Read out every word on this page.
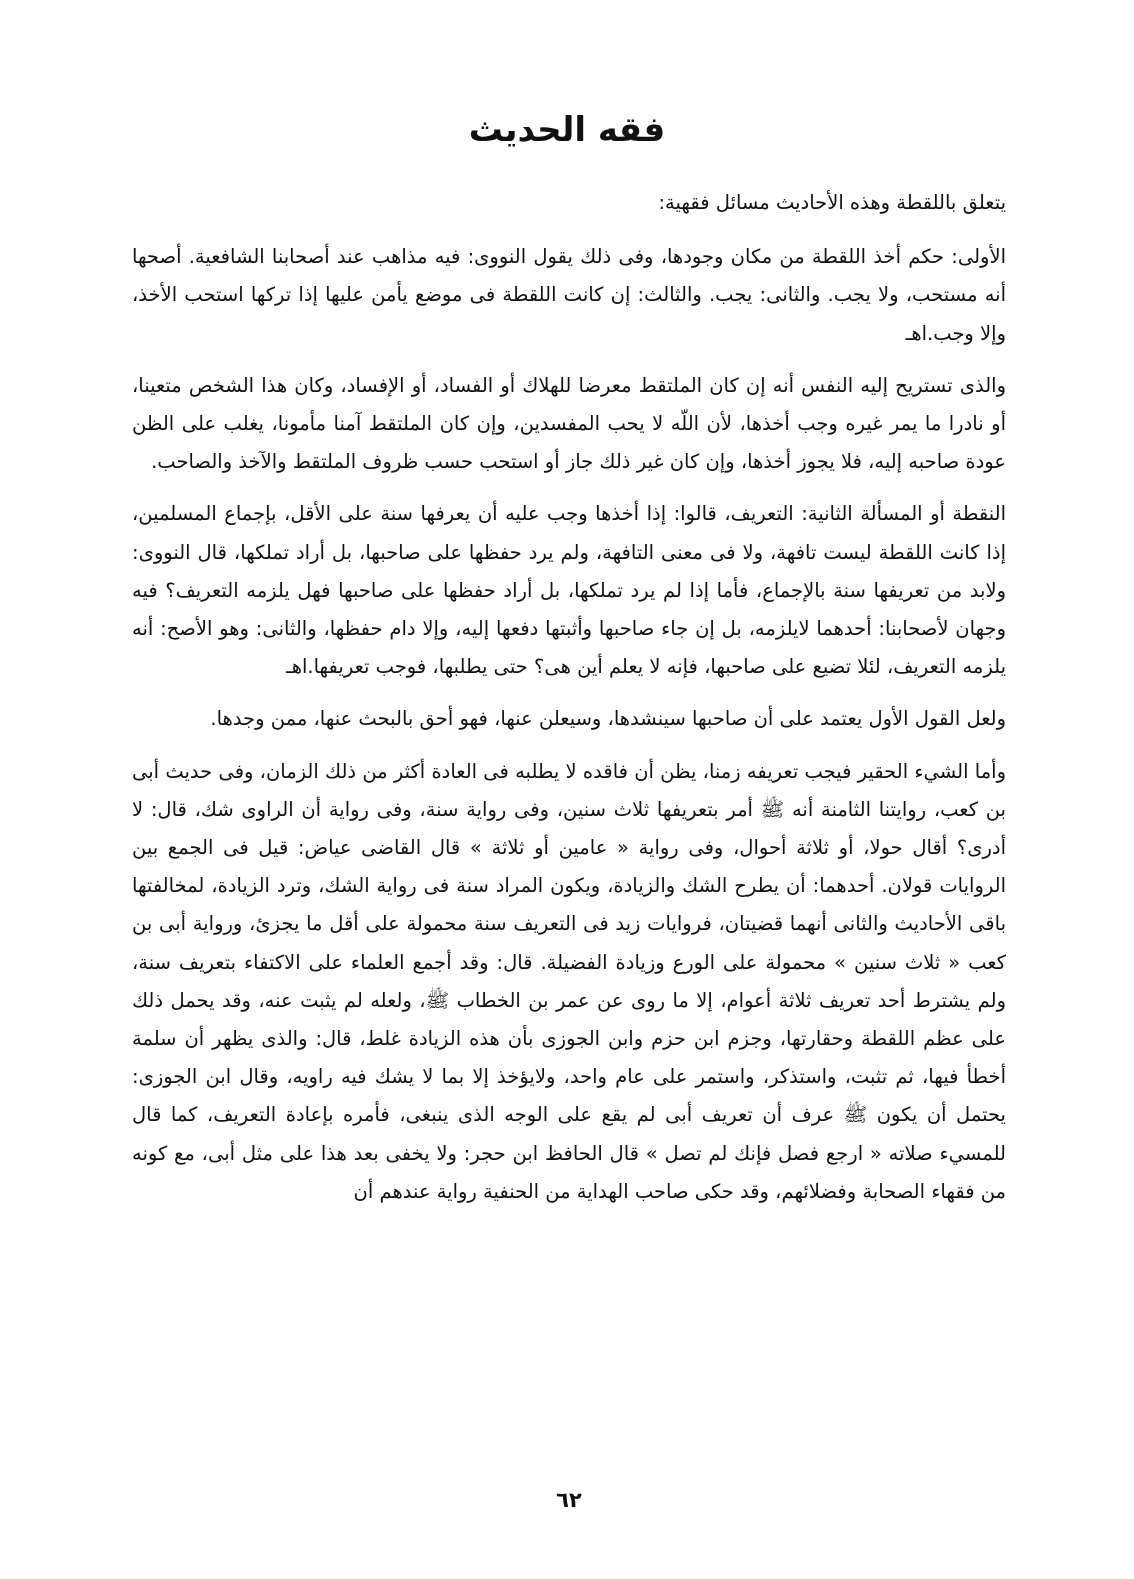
فقه الحديث

يتعلق باللقطة وهذه الأحاديث مسائل فقهية:

الأولى: حكم أخذ اللقطة من مكان وجودها، وفى ذلك يقول النووى: فيه مذاهب عند أصحابنا الشافعية. أصحها أنه مستحب، ولا يجب. والثانى: يجب. والثالث: إن كانت اللقطة فى موضع يأمن عليها إذا تركها استحب الأخذ، وإلا وجب.اهـ

والذى تستريح إليه النفس أنه إن كان الملتقط معرضا للهلاك أو الفساد، أو الإفساد، وكان هذا الشخص متعينا، أو نادرا ما يمر غيره وجب أخذها، لأن اللّه لا يحب المفسدين، وإن كان الملتقط آمنا مأمونا، يغلب على الظن عودة صاحبه إليه، فلا يجوز أخذها، وإن كان غير ذلك جاز أو استحب حسب ظروف الملتقط والآخذ والصاحب.

النقطة أو المسألة الثانية: التعريف، قالوا: إذا أخذها وجب عليه أن يعرفها سنة على الأقل، بإجماع المسلمين، إذا كانت اللقطة ليست تافهة، ولا فى معنى التافهة، ولم يرد حفظها على صاحبها، بل أراد تملكها، قال النووى: ولابد من تعريفها سنة بالإجماع، فأما إذا لم يرد تملكها، بل أراد حفظها على صاحبها فهل يلزمه التعريف؟ فيه وجهان لأصحابنا: أحدهما لايلزمه، بل إن جاء صاحبها وأثبتها دفعها إليه، وإلا دام حفظها، والثانى: وهو الأصح: أنه يلزمه التعريف، لئلا تضيع على صاحبها، فإنه لا يعلم أين هى؟ حتى يطلبها، فوجب تعريفها.اهـ

ولعل القول الأول يعتمد على أن صاحبها سينشدها، وسيعلن عنها، فهو أحق بالبحث عنها، ممن وجدها.

وأما الشيء الحقير فيجب تعريفه زمنا، يظن أن فاقده لا يطلبه فى العادة أكثر من ذلك الزمان، وفى حديث أبى بن كعب، روايتنا الثامنة أنه ﷺ أمر بتعريفها ثلاث سنين، وفى رواية سنة، وفى رواية أن الراوى شك، قال: لا أدرى؟ أقال حولا، أو ثلاثة أحوال، وفى رواية « عامين أو ثلاثة » قال القاضى عياض: قيل فى الجمع بين الروايات قولان. أحدهما: أن يطرح الشك والزيادة، ويكون المراد سنة فى رواية الشك، وترد الزيادة، لمخالفتها باقى الأحاديث والثانى أنهما قضيتان، فروايات زيد فى التعريف سنة محمولة على أقل ما يجزئ، ورواية أبى بن كعب « ثلاث سنين » محمولة على الورع وزيادة الفضيلة. قال: وقد أجمع العلماء على الاكتفاء بتعريف سنة، ولم يشترط أحد تعريف ثلاثة أعوام، إلا ما روى عن عمر بن الخطاب ﷺ، ولعله لم يثبت عنه، وقد يحمل ذلك على عظم اللقطة وحقارتها، وجزم ابن حزم وابن الجوزى بأن هذه الزيادة غلط، قال: والذى يظهر أن سلمة أخطأ فيها، ثم تثبت، واستذكر، واستمر على عام واحد، ولايؤخذ إلا بما لا يشك فيه راويه، وقال ابن الجوزى: يحتمل أن يكون ﷺ عرف أن تعريف أبى لم يقع على الوجه الذى ينبغى، فأمره بإعادة التعريف، كما قال للمسيء صلاته « ارجع فصل فإنك لم تصل » قال الحافظ ابن حجر: ولا يخفى بعد هذا على مثل أبى، مع كونه من فقهاء الصحابة وفضلائهم، وقد حكى صاحب الهداية من الحنفية رواية عندهم أن

٦٢
